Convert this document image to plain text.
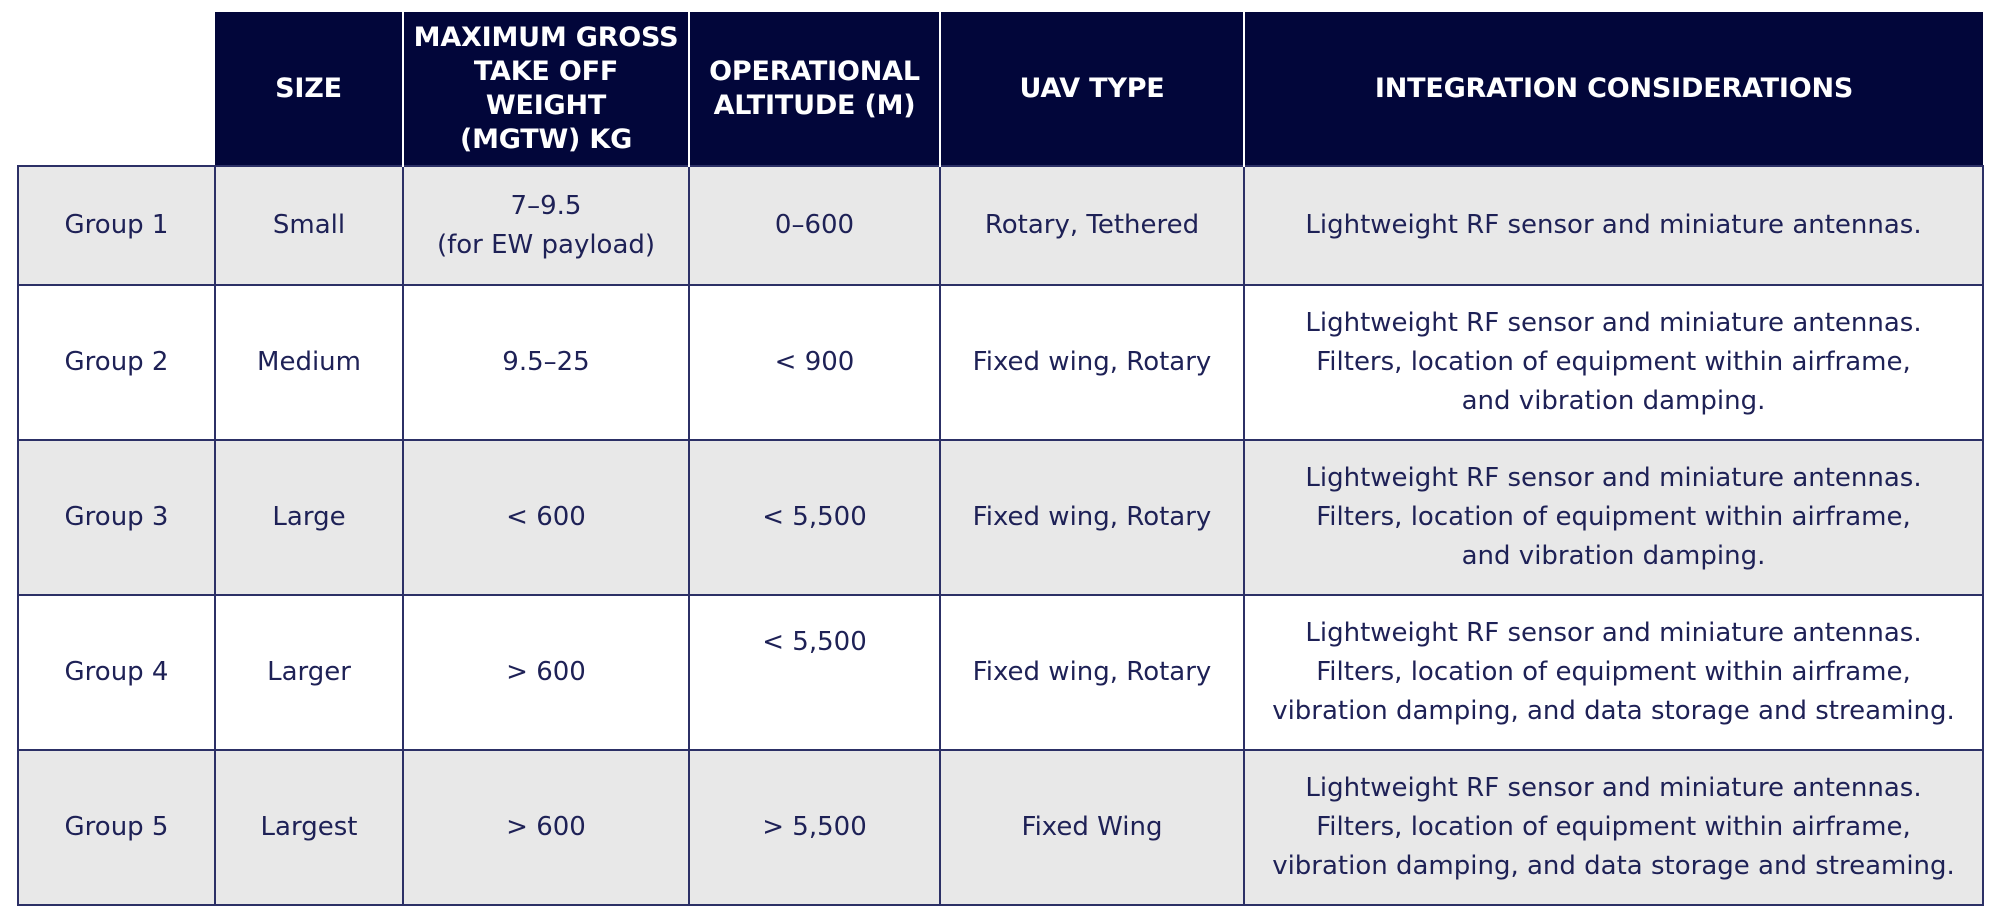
	SIZE	MAXIMUM GROSS
TAKE OFF WEIGHT
(MGTW) KG	OPERATIONAL
ALTITUDE (M)	UAV TYPE	INTEGRATION CONSIDERATIONS
Group 1	Small	7–9.5
(for EW payload)	0–600	Rotary, Tethered	Lightweight RF sensor and miniature antennas.

Group 2	Medium	9.5–25	< 900	Fixed wing, Rotary	Lightweight RF sensor and miniature antennas.
Filters, location of equipment within airframe,
and vibration damping.

Group 3	Large	< 600	< 5,500	Fixed wing, Rotary	Lightweight RF sensor and miniature antennas.
Filters, location of equipment within airframe,
and vibration damping.

Group 4	Larger	> 600	< 5,500	Fixed wing, Rotary	Lightweight RF sensor and miniature antennas.
Filters, location of equipment within airframe,
vibration damping, and data storage and streaming.

Group 5	Largest	> 600	> 5,500	Fixed Wing	Lightweight RF sensor and miniature antennas.
Filters, location of equipment within airframe,
vibration damping, and data storage and streaming.
